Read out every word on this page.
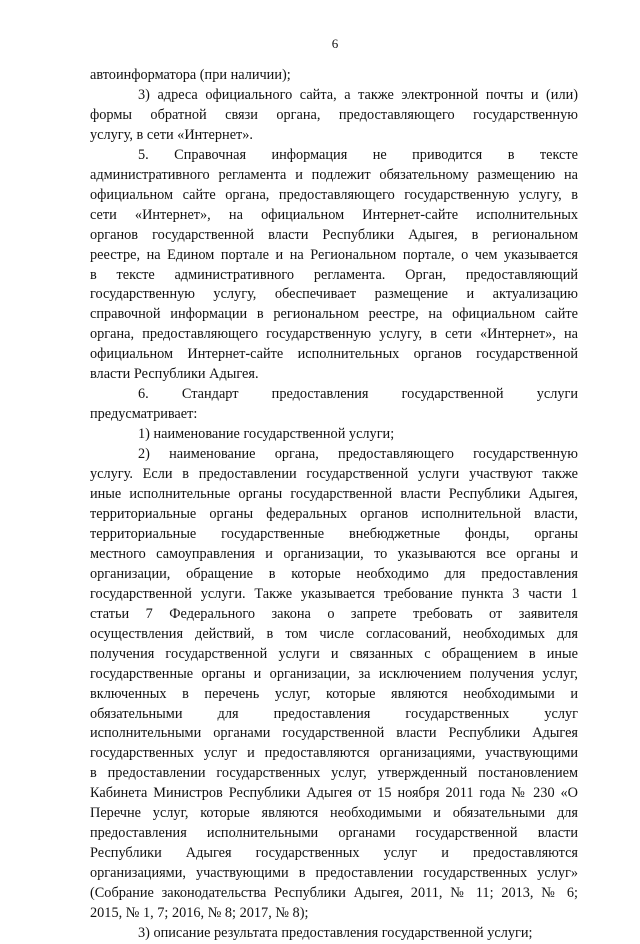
6
автоинформатора (при наличии);
3) адреса официального сайта, а также электронной почты и (или)
формы обратной связи органа, предоставляющего государственную
услугу, в сети «Интернет».
5. Справочная информация не приводится в тексте
административного регламента и подлежит обязательному размещению на
официальном сайте органа, предоставляющего государственную услугу, в
сети «Интернет», на официальном Интернет-сайте исполнительных
органов государственной власти Республики Адыгея, в региональном
реестре, на Едином портале и на Региональном портале, о чем указывается
в тексте административного регламента. Орган, предоставляющий
государственную услугу, обеспечивает размещение и актуализацию
справочной информации в региональном реестре, на официальном сайте
органа, предоставляющего государственную услугу, в сети «Интернет», на
официальном Интернет-сайте исполнительных органов государственной
власти Республики Адыгея.
6. Стандарт предоставления государственной услуги
предусматривает:
1) наименование государственной услуги;
2) наименование органа, предоставляющего государственную
услугу. Если в предоставлении государственной услуги участвуют также
иные исполнительные органы государственной власти Республики Адыгея,
территориальные органы федеральных органов исполнительной власти,
территориальные государственные внебюджетные фонды, органы
местного самоуправления и организации, то указываются все органы и
организации, обращение в которые необходимо для предоставления
государственной услуги. Также указывается требование пункта 3 части 1
статьи 7 Федерального закона о запрете требовать от заявителя
осуществления действий, в том числе согласований, необходимых для
получения государственной услуги и связанных с обращением в иные
государственные органы и организации, за исключением получения услуг,
включенных в перечень услуг, которые являются необходимыми и
обязательными для предоставления государственных услуг
исполнительными органами государственной власти Республики Адыгея
государственных услуг и предоставляются организациями, участвующими
в предоставлении государственных услуг, утвержденный постановлением
Кабинета Министров Республики Адыгея от 15 ноября 2011 года № 230 «О
Перечне услуг, которые являются необходимыми и обязательными для
предоставления исполнительными органами государственной власти
Республики Адыгея государственных услуг и предоставляются
организациями, участвующими в предоставлении государственных услуг»
(Собрание законодательства Республики Адыгея, 2011, № 11; 2013, № 6;
2015, № 1, 7; 2016, № 8; 2017, № 8);
3) описание результата предоставления государственной услуги;
